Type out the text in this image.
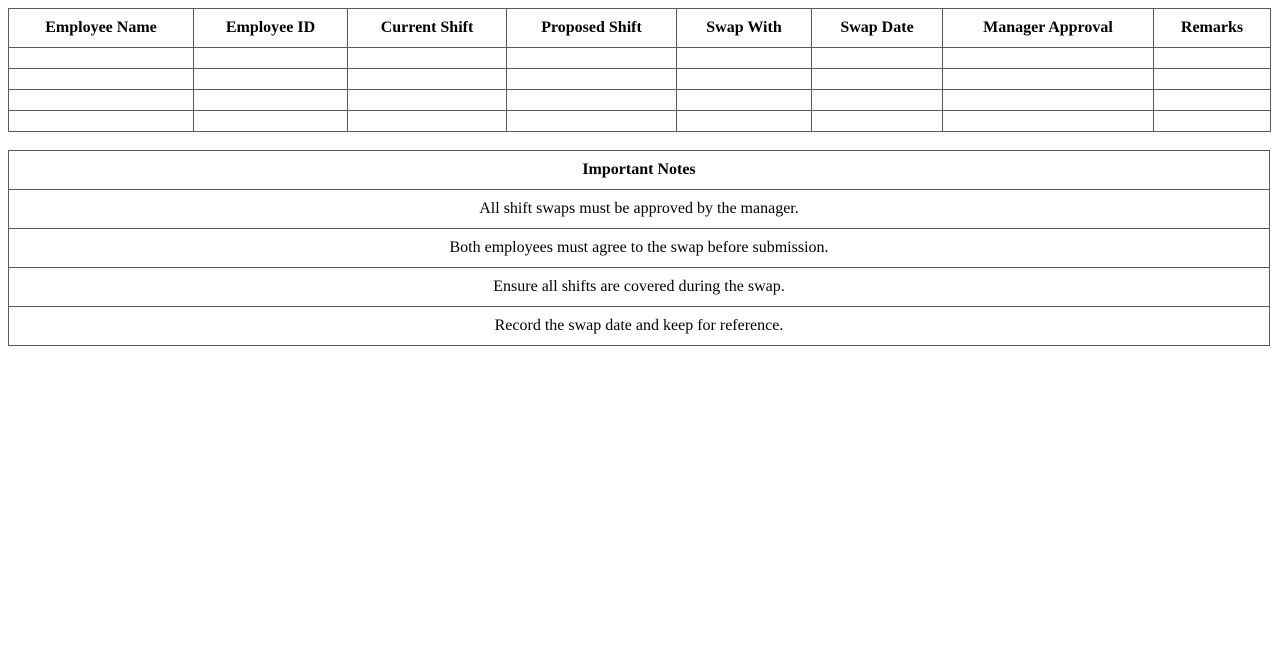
Employee Name	Employee ID	Current Shift	Proposed Shift	Swap With	Swap Date	Manager Approval	Remarks

Important Notes
All shift swaps must be approved by the manager.
Both employees must agree to the swap before submission.
Ensure all shifts are covered during the swap.
Record the swap date and keep for reference.
